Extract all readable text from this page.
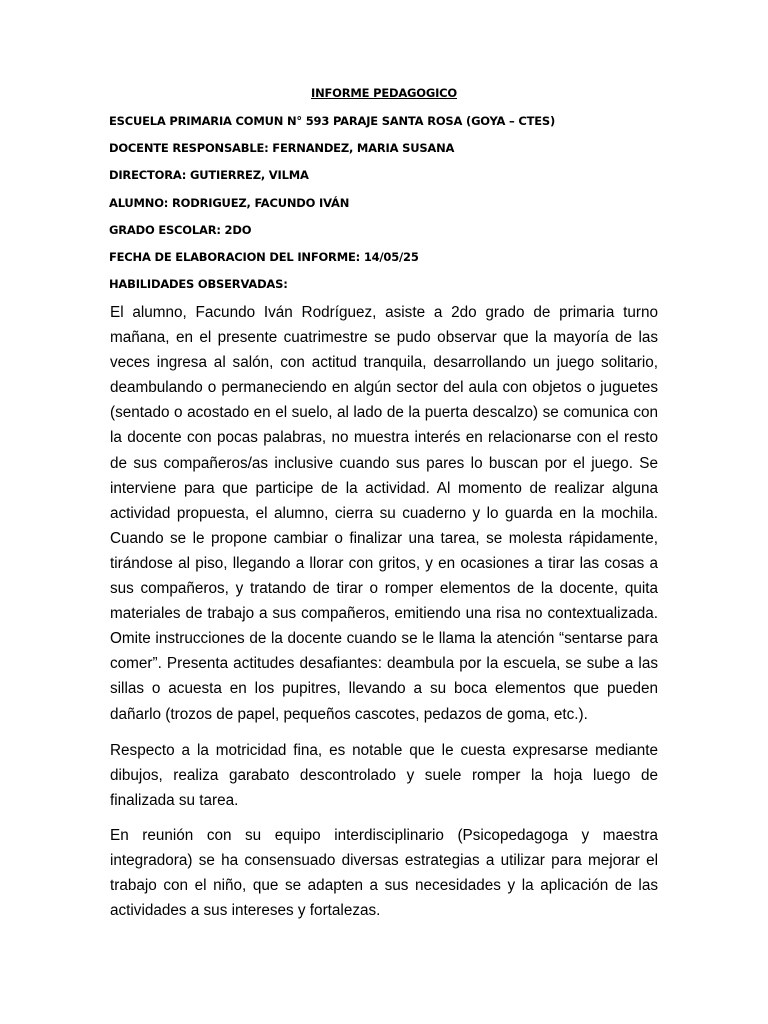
INFORME PEDAGOGICO
ESCUELA PRIMARIA COMUN N° 593 PARAJE SANTA ROSA (GOYA – CTES)
DOCENTE RESPONSABLE: FERNANDEZ, MARIA SUSANA
DIRECTORA: GUTIERREZ, VILMA
ALUMNO: RODRIGUEZ, FACUNDO IVÁN
GRADO ESCOLAR: 2DO
FECHA DE ELABORACION DEL INFORME: 14/05/25
HABILIDADES OBSERVADAS:
El alumno, Facundo Iván Rodríguez, asiste a 2do grado de primaria turno mañana, en el presente cuatrimestre se pudo observar que la mayoría de las veces ingresa al salón, con actitud tranquila, desarrollando un juego solitario, deambulando o permaneciendo en algún sector del aula con objetos o juguetes (sentado o acostado en el suelo, al lado de la puerta descalzo) se comunica con la docente con pocas palabras, no muestra interés en relacionarse con el resto de sus compañeros/as inclusive cuando sus pares lo buscan por el juego. Se interviene para que participe de la actividad. Al momento de realizar alguna actividad propuesta, el alumno, cierra su cuaderno y lo guarda en la mochila. Cuando se le propone cambiar o finalizar una tarea, se molesta rápidamente, tirándose al piso, llegando a llorar con gritos, y en ocasiones a tirar las cosas a sus compañeros, y tratando de tirar o romper elementos de la docente, quita materiales de trabajo a sus compañeros, emitiendo una risa no contextualizada. Omite instrucciones de la docente cuando se le llama la atención “sentarse para comer”. Presenta actitudes desafiantes: deambula por la escuela, se sube a las sillas o acuesta en los pupitres, llevando a su boca elementos que pueden dañarlo (trozos de papel, pequeños cascotes, pedazos de goma, etc.).
Respecto a la motricidad fina, es notable que le cuesta expresarse mediante dibujos, realiza garabato descontrolado y suele romper la hoja luego de finalizada su tarea.
En reunión con su equipo interdisciplinario (Psicopedagoga y maestra integradora) se ha consensuado diversas estrategias a utilizar para mejorar el trabajo con el niño, que se adapten a sus necesidades y la aplicación de las actividades a sus intereses y fortalezas.
